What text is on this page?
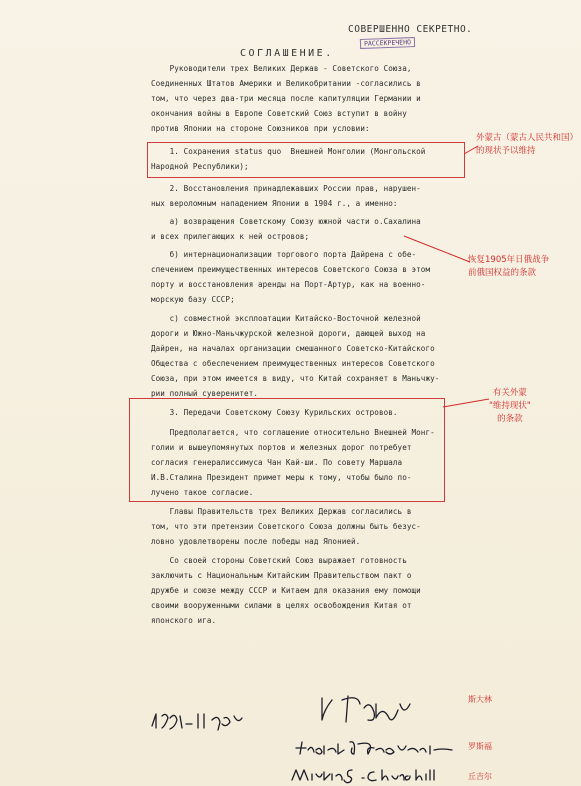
СОВЕРШЕННО СЕКРЕТНО.
РАССЕКРЕЧЕНО
СОГЛАШЕНИЕ.
Руководители трех Великих Держав - Советского Союза,
Соединенных Штатов Америки и Великобритании -согласились в
том, что через два-три месяца после капитуляции Германии и
окончания войны в Европе Советский Союз вступит в войну
против Японии на стороне Союзников при условии:
1. Сохранения status quo  Внешней Монголии (Монгольской
Народной Республики);
2. Восстановления принадлежавших России прав, нарушен-
ных вероломным нападением Японии в 1904 г., а именно:
а) возвращения Советскому Союзу южной части о.Сахалина
и всех прилегающих к ней островов;
б) интернационализации торгового порта Дайрена с обе-
спечением преимущественных интересов Советского Союза в этом
порту и восстановления аренды на Порт-Артур, как на военно-
морскую базу СССР;
с) совместной эксплоатации Китайско-Восточной железной
дороги и Южно-Маньчжурской железной дороги, дающей выход на
Дайрен, на началах организации смешанного Советско-Китайского
Общества с обеспечением преимущественных интересов Советского
Союза, при этом имеется в виду, что Китай сохраняет в Маньчжу-
рии полный суверенитет.
3. Передачи Советскому Союзу Курильских островов.
Предполагается, что соглашение относительно Внешней Монг-
голии и вышеупомянутых портов и железных дорог потребует
согласия генералиссимуса Чан Кай-ши. По совету Маршала
И.В.Сталина Президент примет меры к тому, чтобы было по-
лучено такое согласие.
Главы Правительств трех Великих Держав согласились в
том, что эти претензии Советского Союза должны быть безус-
ловно удовлетворены после победы над Японией.
Со своей стороны Советский Союз выражает готовность
заключить с Национальным Китайским Правительством пакт о
дружбе и союзе между СССР и Китаем для оказания ему помощи
своими вооруженными силами в целях освобождения Китая от
японского ига.
外蒙古（蒙古人民共和国）
的现状予以维持
恢复1905年日俄战争
前俄国权益的条款
有关外蒙
"维持现状"
的条款
斯大林
罗斯福
丘吉尔
